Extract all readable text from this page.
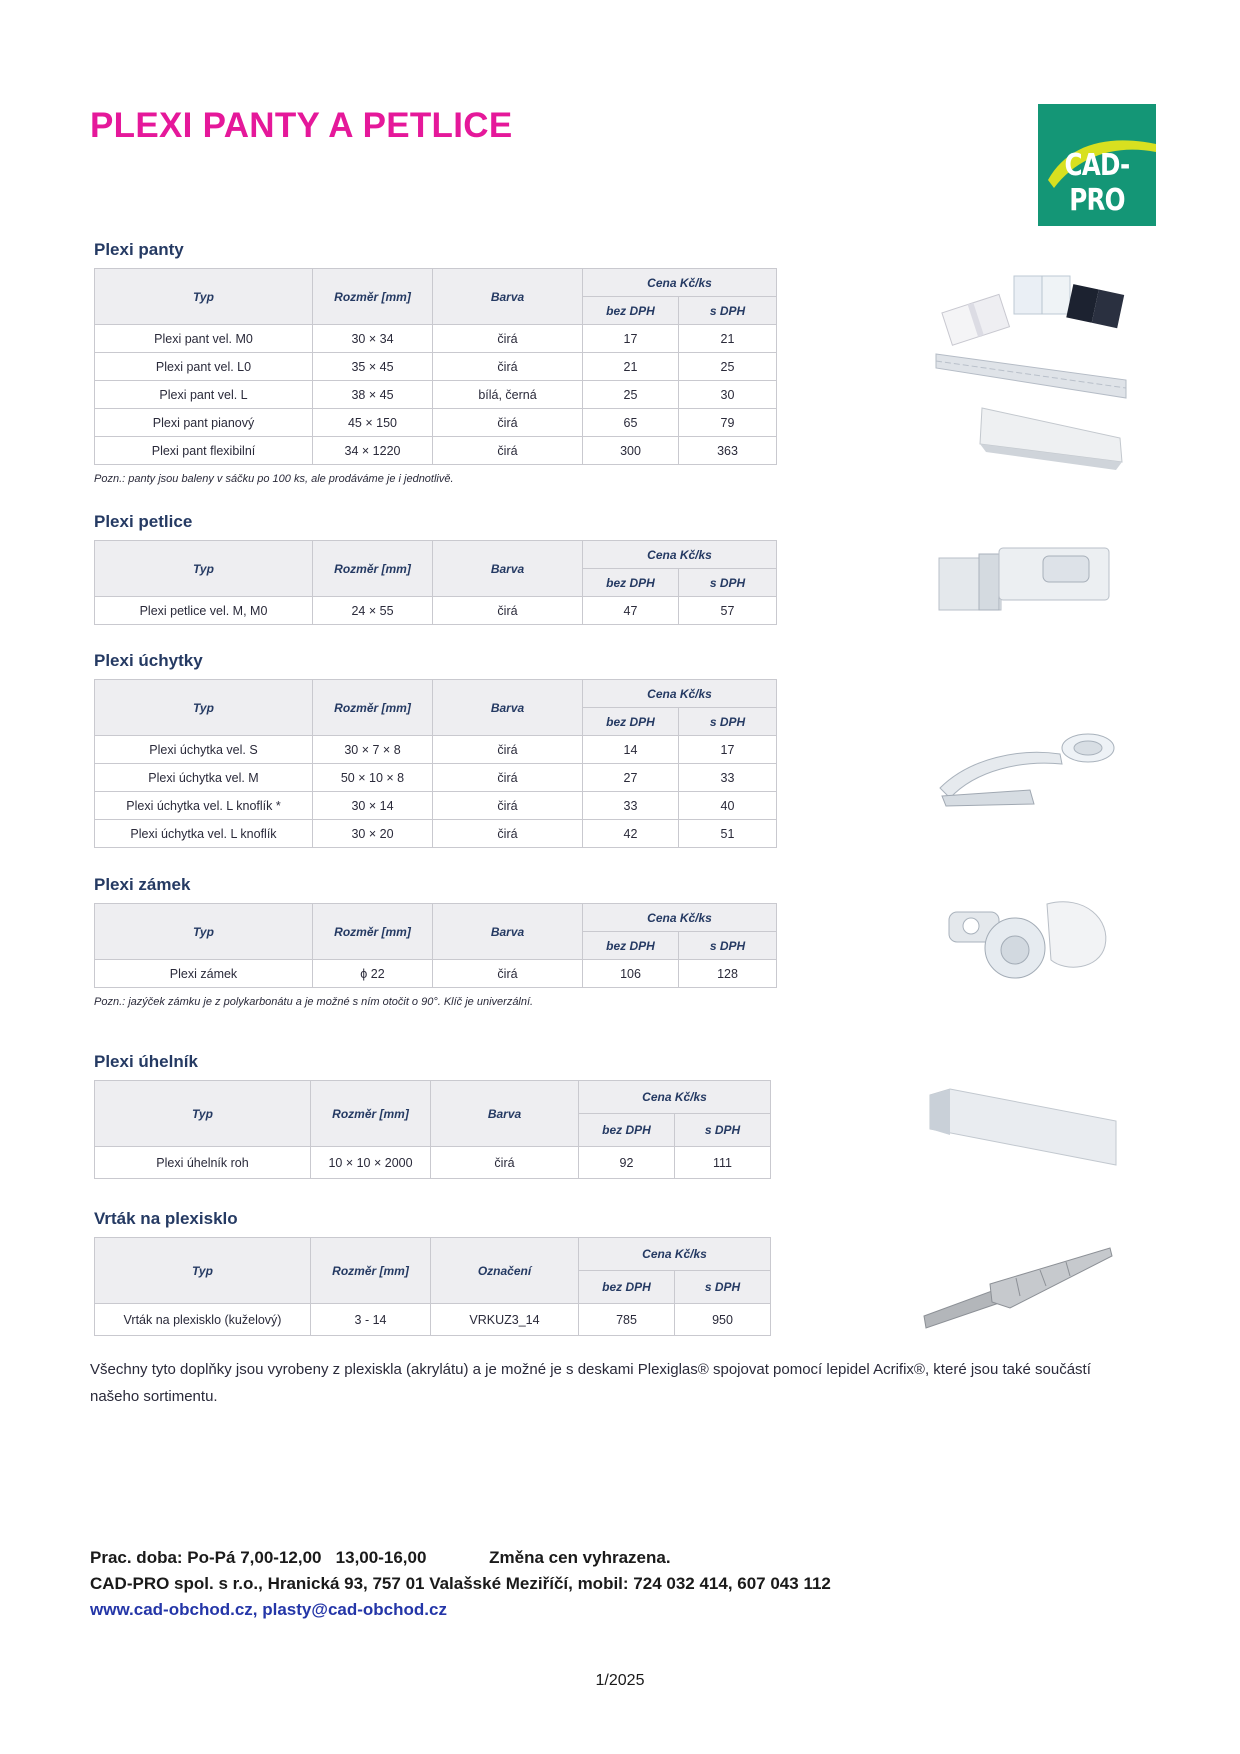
PLEXI PANTY A PETLICE
CAD-PRO
Plexi panty
Typ	Rozměr [mm]	Barva	Cena Kč/ks	
			bez DPH	s DPH
Plexi pant vel. M0	30 × 34	čirá	17	21
Plexi pant vel. L0	35 × 45	čirá	21	25
Plexi pant vel. L	38 × 45	bílá, černá	25	30
Plexi pant pianový	45 × 150	čirá	65	79
Plexi pant flexibilní	34 × 1220	čirá	300	363
Pozn.: panty jsou baleny v sáčku po 100 ks, ale prodáváme je i jednotlivě.
Plexi petlice
Typ	Rozměr [mm]	Barva	Cena Kč/ks	
			bez DPH	s DPH
Plexi petlice vel. M, M0	24 × 55	čirá	47	57
Plexi úchytky
Typ	Rozměr [mm]	Barva	Cena Kč/ks	
			bez DPH	s DPH
Plexi úchytka vel. S	30 × 7 × 8	čirá	14	17
Plexi úchytka vel. M	50 × 10 × 8	čirá	27	33
Plexi úchytka vel. L knoflík *	30 × 14	čirá	33	40
Plexi úchytka vel. L knoflík	30 × 20	čirá	42	51
Plexi zámek
Typ	Rozměr [mm]	Barva	Cena Kč/ks	
			bez DPH	s DPH
Plexi zámek	ϕ 22	čirá	106	128
Pozn.: jazýček zámku je z polykarbonátu a je možné s ním otočit o 90°. Klíč je univerzální.
Plexi úhelník
Typ	Rozměr [mm]	Barva	Cena Kč/ks	
			bez DPH	s DPH
Plexi úhelník roh	10 × 10 × 2000	čirá	92	111
Vrták na plexisklo
Typ	Rozměr [mm]	Označení	Cena Kč/ks	
			bez DPH	s DPH
Vrták na plexisklo (kuželový)	3 - 14	VRKUZ3_14	785	950
Všechny tyto doplňky jsou vyrobeny z plexiskla (akrylátu) a je možné je s deskami Plexiglas® spojovat pomocí lepidel Acrifix®, které jsou také součástí našeho sortimentu.
Prac. doba: Po-Pá 7,00-12,00   13,00-16,00	Změna cen vyhrazena.
CAD-PRO spol. s r.o., Hranická 93, 757 01 Valašské Meziříčí, mobil: 724 032 414, 607 043 112
www.cad-obchod.cz, plasty@cad-obchod.cz
1/2025
